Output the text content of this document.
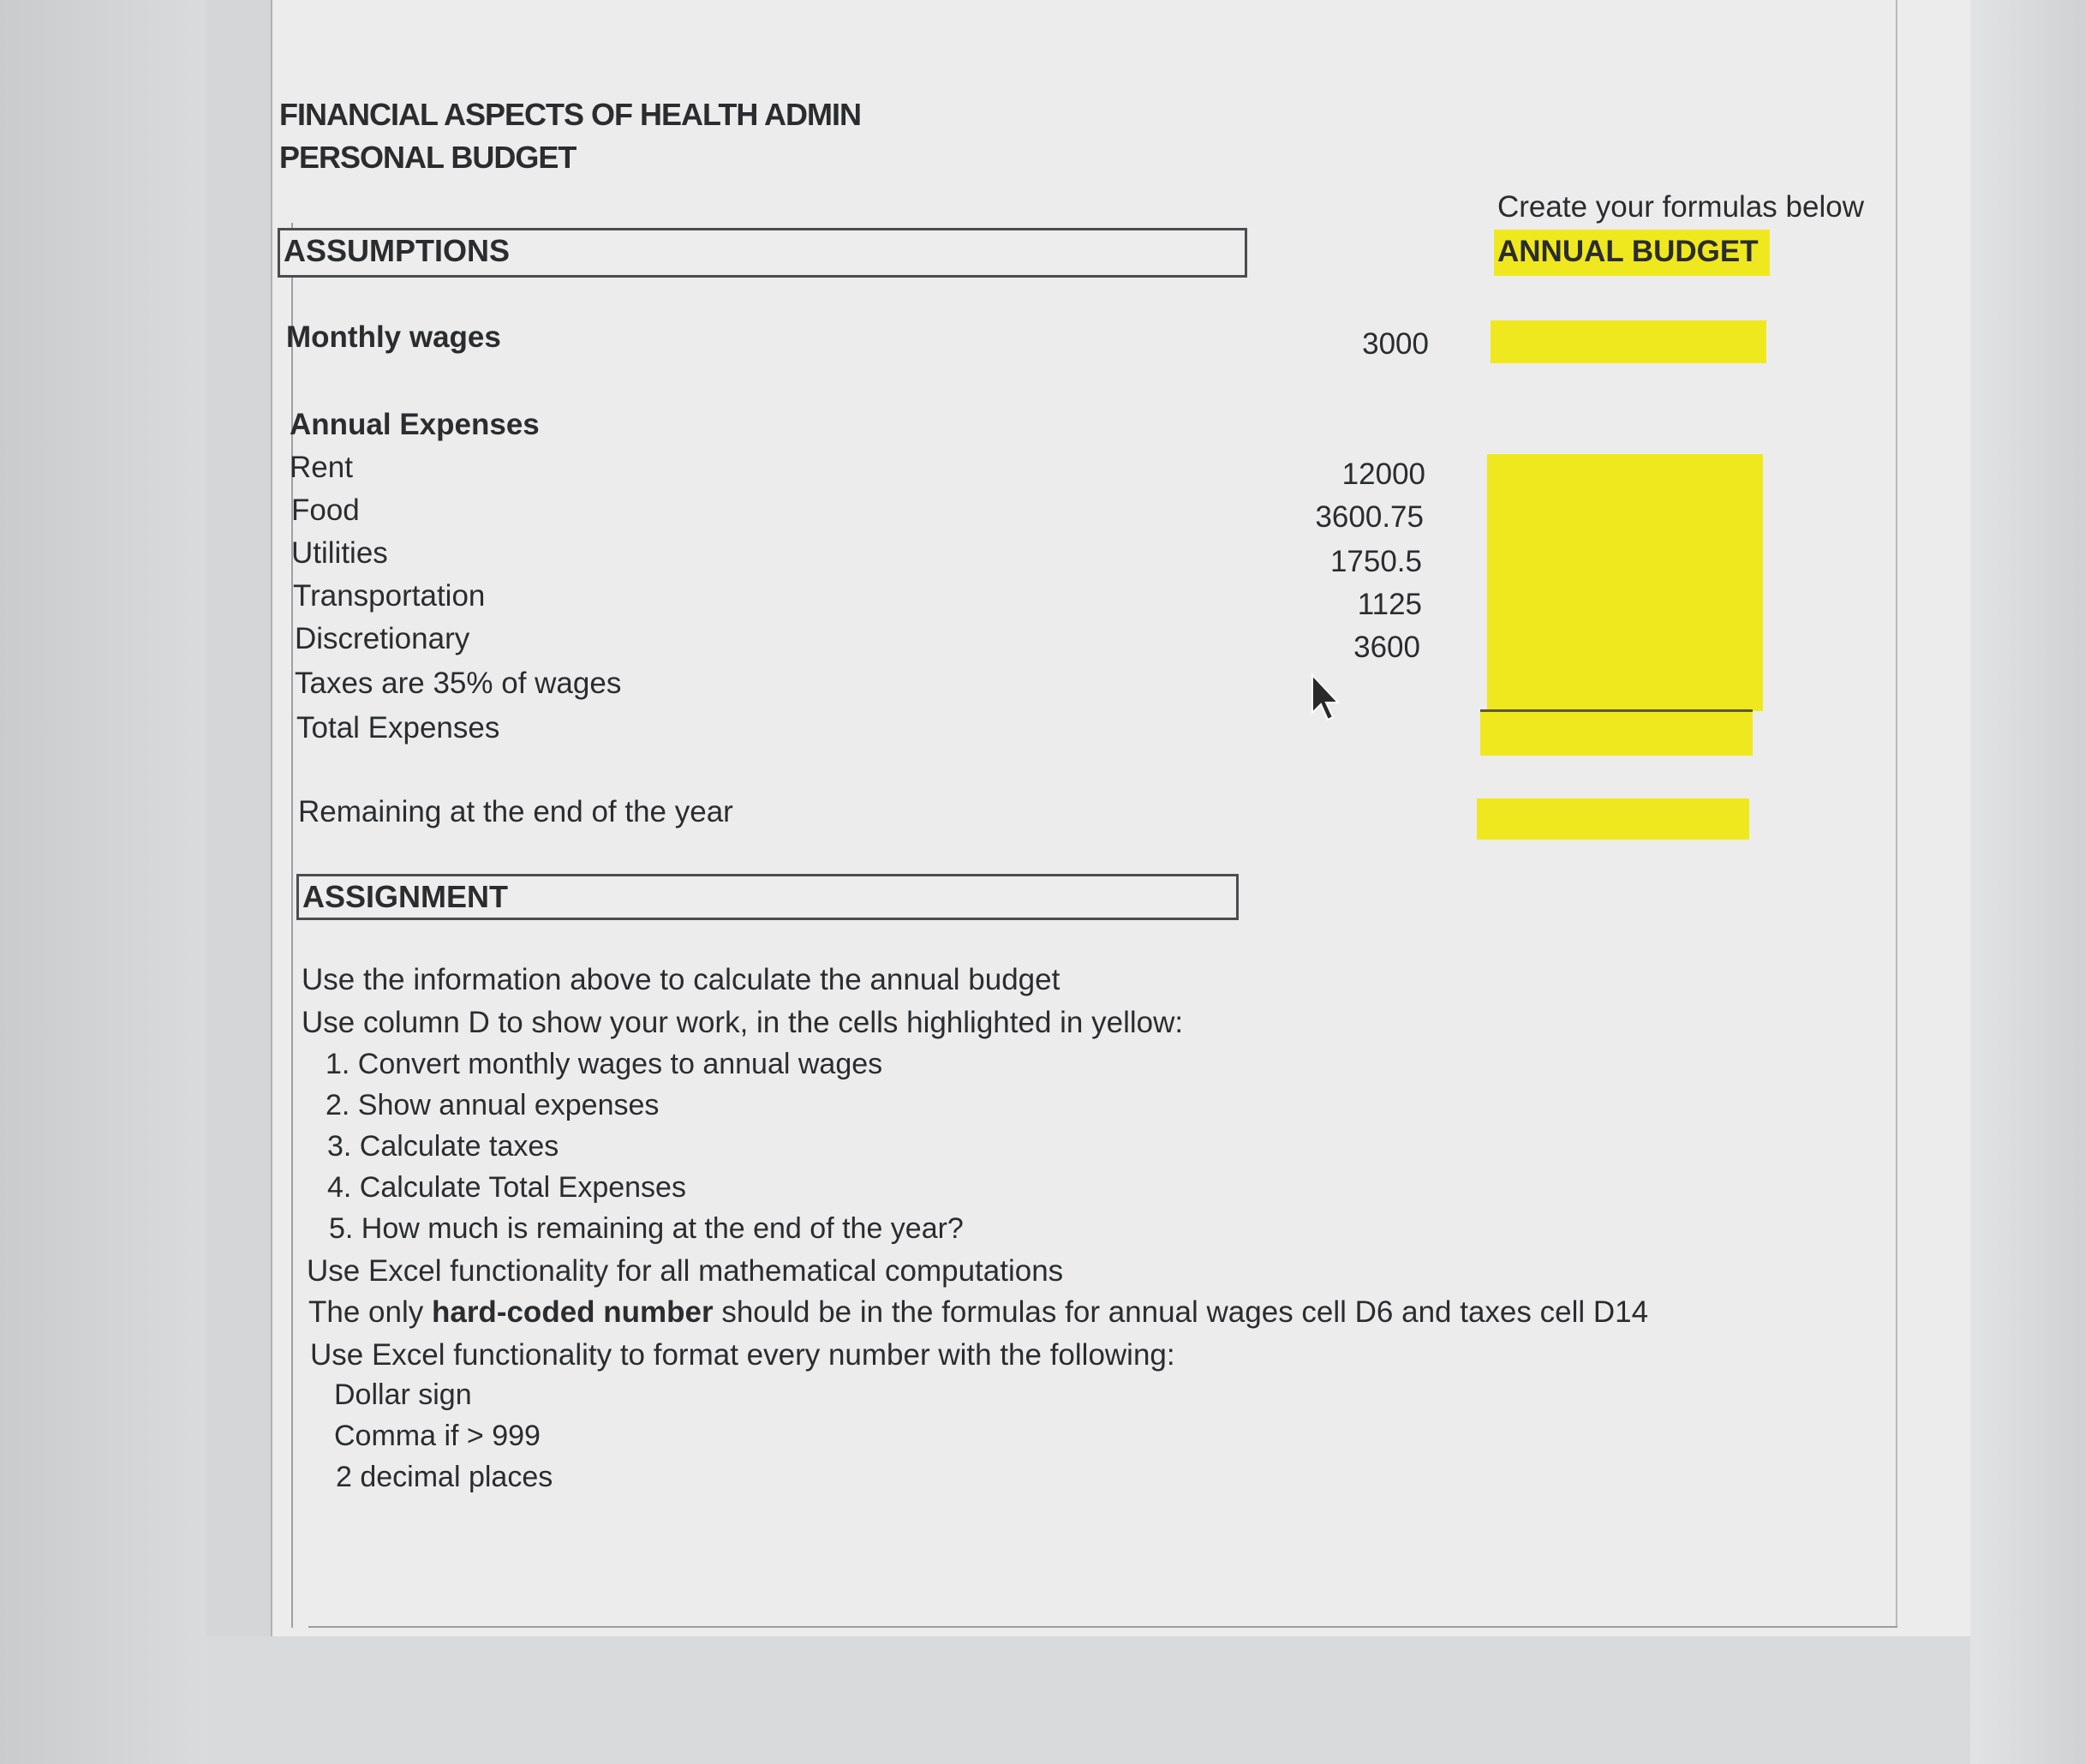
FINANCIAL ASPECTS OF HEALTH ADMIN
PERSONAL BUDGET
ASSUMPTIONS
Create your formulas below
ANNUAL BUDGET
Monthly wages	3000
Annual Expenses
Rent	12000
Food	3600.75
Utilities	1750.5
Transportation	1125
Discretionary	3600
Taxes are 35% of wages
Total Expenses
Remaining at the end of the year
ASSIGNMENT
Use the information above to calculate the annual budget
Use column D to show your work, in the cells highlighted in yellow:
1. Convert monthly wages to annual wages
2. Show annual expenses
3. Calculate taxes
4. Calculate Total Expenses
5. How much is remaining at the end of the year?
Use Excel functionality for all mathematical computations
The only hard-coded number should be in the formulas for annual wages cell D6 and taxes cell D14
Use Excel functionality to format every number with the following:
Dollar sign
Comma if > 999
2 decimal places
